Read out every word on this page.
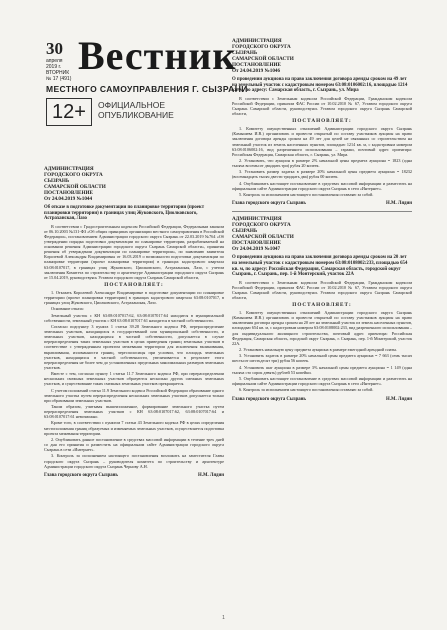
30
апреля
2019 г.
ВТОРНИК
№ 17 (491)
Вестник
МЕСТНОГО САМОУПРАВЛЕНИЯ Г. СЫЗРАНИ
12+	ОФИЦИАЛЬНОЕ
ОПУБЛИКОВАНИЕ

АДМИНИСТРАЦИЯ

ГОРОДСКОГО ОКРУГА

СЫЗРАНЬ

САМАРСКОЙ ОБЛАСТИ

ПОСТАНОВЛЕНИЕ

От 24.04.2019 №1044

Об отказе в подготовке документации по планировке территории (проект планировки территории) в границах улиц Жуковского, Циолковского, Астраханская, Лазо

В соответствии с Градостроительным кодексом Российской Федерации, Федеральным законом от 06.10.2003 №131-ФЗ «Об общих принципах организации местного самоуправления в Российской Федерации», постановлением Администрации городского округа Сызрань от 22.03.2019 №764 «Об утверждении порядка подготовки документации по планировке территории, разрабатываемой на основании решения Администрации городского округа Сызрань Самарской области», принятия решения об утверждении документации по планировке территории», по заявлению заявителя Королевой Александры Владимировны от 16.03.2019 о возможности подготовки документации по планировке территории (проект планировки территории) в границах кадастрового квартала 63:08:0107017, в границах улиц Жуковского, Циолковского, Астраханская, Лазо, с учетом заключения Комитета по строительству и архитектуре Администрации городского округа Сызрань от 15.04.2019, руководствуясь Уставом городского округа Сызрань Самарской области,

ПОСТАНОВЛЯЕТ:

1. Отказать Королевой Александре Владимировне в подготовке документации по планировке территории (проект планировки территории) в границах кадастрового квартала 63:08:0107017, в границах улиц Жуковского, Циолковского, Астраханская, Лазо.

Основание отказа:

Земельный участок с КН 63:08:0107017:62, 63:08:0107017:64 находятся в муниципальной собственности, земельный участок с КН 63:08:0107017:61 находится в частной собственности.

Согласно подпункту 3 пункта 1 статьи 39.28 Земельного кодекса РФ, перераспределение земельных участков, находящихся в государственной или муниципальной собственности, и земельных участков, находящихся в частной собственности, допускается в случае перераспределения таких земельных участков в целях приведения границ земельных участков в соответствие с утвержденным проектом межевания территории для исключения вклинивания, вкрапливания, изломанности границ, чересполосицы при условии, что площадь земельных участков, находящихся в частной собственности, увеличивается в результате этого перераспределения не более чем до установленных предельных максимальных размеров земельных участков.

Вместе с тем, согласно пункту 1 статьи 11.7 Земельного кодекса РФ, при перераспределении нескольких смежных земельных участков образуются несколько других смежных земельных участков, и существование таких смежных земельных участков прекращается.

С учетом положений статьи 11.9 Земельного кодекса Российской Федерации образование одного земельного участка путем перераспределения нескольких земельных участков допускается только при образовании земельных участков.

Таким образом, учитывая вышеизложенное, формирование земельного участка путем перераспределения земельных участков с КН 63:08:0107017:62, 63:08:0107017:64 и 63:08:0107017:61 невозможно.

Кроме того, в соответствии с пунктом 7 статьи 43 Земельного кодекса РФ в целях определения местоположения границ образуемых и изменяемых земельных участков, осуществляется подготовка проекта межевания территории.

2. Опубликовать данное постановление в средствах массовой информации в течение трех дней со дня его принятия и разместить на официальном сайте Администрации городского округа Сызрань в сети «Интернет».

3. Контроль за исполнением настоящего постановления возложить на заместителя Главы городского округа Сызрань – руководителя комитета по строительству и архитектуре Администрации городского округа Сызрань Чернову А.Н.

Глава городского округа Сызрань	Н.М. Лядин

АДМИНИСТРАЦИЯ

ГОРОДСКОГО ОКРУГА

СЫЗРАНЬ

САМАРСКОЙ ОБЛАСТИ

ПОСТАНОВЛЕНИЕ

От 24.04.2019 №1046

О проведении аукциона на право заключения договора аренды сроком на 49 лет на земельный участок с кадастровым номером 63:08:0106002:16, площадью 1214 кв. м, по адресу: Самарская область, г. Сызрань, ул. Мира

В соответствии с Земельным кодексом Российской Федерации, Гражданским кодексом Российской Федерации, приказом ФАС России от 10.02.2010 № 67, Уставом городского округа Сызрань Самарской области, руководствуясь Уставом городского округа Сызрань Самарской области,

ПОСТАНОВЛЯЕТ:

1. Комитету имущественных отношений Администрации городского округа Сызрань (Камышева И.В.) организовать и провести открытый по составу участников аукцион на право заключения договора аренды сроком на 49 лет для целей не связанных со строительством на земельный участок из земель населенных пунктов, площадью 1214 кв. м, с кадастровым номером 63:08:0106002:16, вид разрешенного использования – гаражи, почтовый адрес ориентира: Российская Федерация, Самарская область, г. Сызрань, ул. Мира.

2. Установить, что аукцион в размере 2% начальной цены предмета аукциона = 1823 (одна тысяча восемьсот двадцать три) рубля 20 копеек.

3. Установить размер задатка в размере 20% начальной цены предмета аукциона = 18232 (восемнадцать тысяч двести тридцать два) рубля 00 копеек.

4. Опубликовать настоящее постановление в средствах массовой информации и разместить на официальном сайте Администрации городского округа Сызрань в сети «Интернет».

5. Контроль за исполнением настоящего постановления оставляю за собой.

Глава городского округа Сызрань	Н.М. Лядин

АДМИНИСТРАЦИЯ

ГОРОДСКОГО ОКРУГА

СЫЗРАНЬ

САМАРСКОЙ ОБЛАСТИ

ПОСТАНОВЛЕНИЕ

От 24.04.2019 №1047

О проведении аукциона на право заключения договора аренды сроком на 20 лет на земельный участок с кадастровым номером 63:08:0108002:233, площадью 654 кв. м, по адресу: Российская Федерация, Самарская область, городской округ Сызрань, г. Сызрань, пер. 1-й Монтерский, участок 22А

В соответствии с Земельным кодексом Российской Федерации, Гражданским кодексом Российской Федерации, приказом ФАС России от 10.02.2010 № 67, Уставом городского округа Сызрань Самарской области, руководствуясь Уставом городского округа Сызрань Самарской области,

ПОСТАНОВЛЯЕТ:

1. Комитету имущественных отношений Администрации городского округа Сызрань (Камышева И.В.) организовать и провести открытый по составу участников аукцион на право заключения договора аренды сроком на 20 лет на земельный участок из земель населенных пунктов, площадью 654 кв. м, с кадастровым номером 63:08:0108002:233, вид разрешенного использования – для индивидуального жилищного строительства, почтовый адрес ориентира: Российская Федерация, Самарская область, городской округ Сызрань, г. Сызрань, пер. 1-й Монтерский, участок 22А.

2. Установить начальную цену предмета аукциона в размере ежегодной арендной платы.

3. Установить задаток в размере 20% начальной цены предмета аукциона = 7 663 (семь тысяч шестьсот шестьдесят три) рубля 56 копеек.

4. Установить шаг аукциона в размере 3% начальной цены предмета аукциона = 1 149 (одна тысяча сто сорок девять) рублей 53 копейки.

5. Опубликовать настоящее постановление в средствах массовой информации и разместить на официальном сайте Администрации городского округа Сызрань в сети «Интернет».

6. Контроль за исполнением настоящего постановления оставляю за собой.

Глава городского округа Сызрань	Н.М. Лядин
1
